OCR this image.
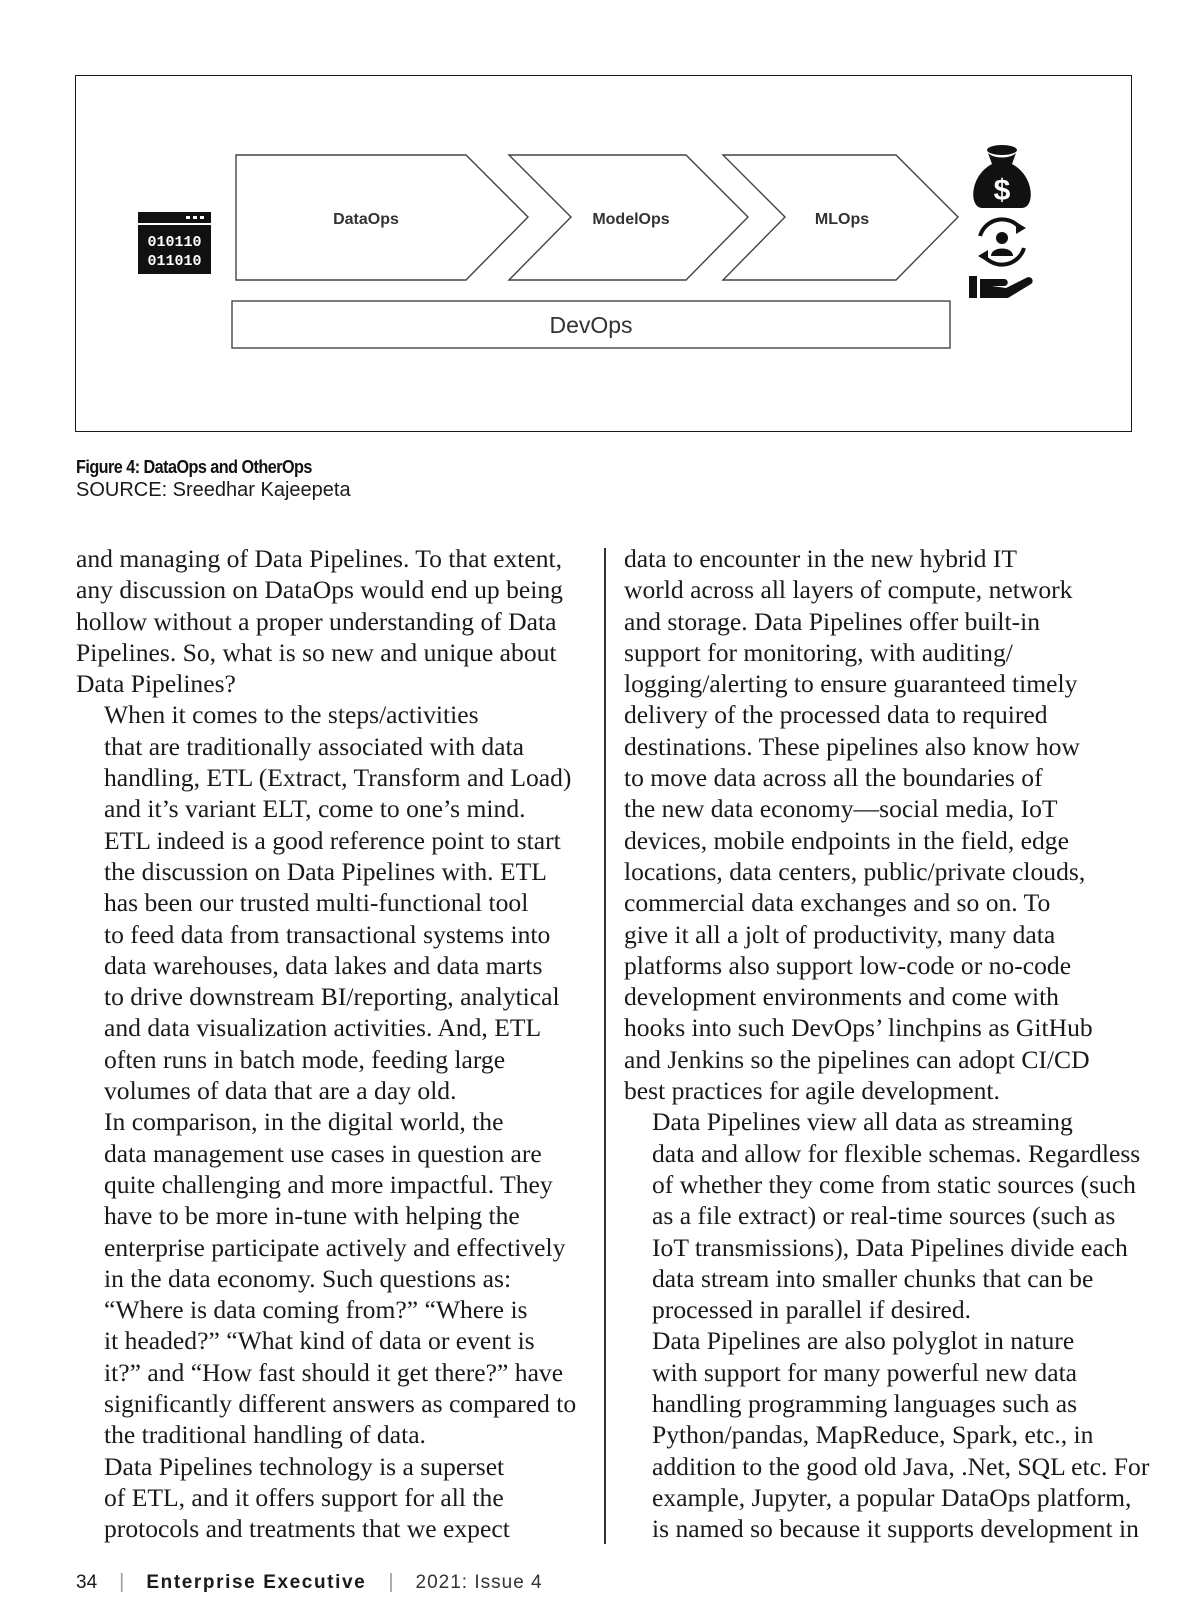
010110
011010
DataOps	ModelOps	MLOps
DevOps
$
Figure 4: DataOps and OtherOps
SOURCE: Sreedhar Kajeepeta

and managing of Data Pipelines. To that extent,
any discussion on DataOps would end up being
hollow without a proper understanding of Data
Pipelines. So, what is so new and unique about
Data Pipelines?

When it comes to the steps/activities
that are traditionally associated with data
handling, ETL (Extract, Transform and Load)
and it’s variant ELT, come to one’s mind.
ETL indeed is a good reference point to start
the discussion on Data Pipelines with. ETL
has been our trusted multi-functional tool
to feed data from transactional systems into
data warehouses, data lakes and data marts
to drive downstream BI/reporting, analytical
and data visualization activities. And, ETL
often runs in batch mode, feeding large
volumes of data that are a day old.

In comparison, in the digital world, the
data management use cases in question are
quite challenging and more impactful. They
have to be more in-tune with helping the
enterprise participate actively and effectively
in the data economy. Such questions as:
“Where is data coming from?” “Where is
it headed?” “What kind of data or event is
it?” and “How fast should it get there?” have
significantly different answers as compared to
the traditional handling of data.

Data Pipelines technology is a superset
of ETL, and it offers support for all the
protocols and treatments that we expect

data to encounter in the new hybrid IT
world across all layers of compute, network
and storage. Data Pipelines offer built-in
support for monitoring, with auditing/
logging/alerting to ensure guaranteed timely
delivery of the processed data to required
destinations. These pipelines also know how
to move data across all the boundaries of
the new data economy—social media, IoT
devices, mobile endpoints in the field, edge
locations, data centers, public/private clouds,
commercial data exchanges and so on. To
give it all a jolt of productivity, many data
platforms also support low-code or no-code
development environments and come with
hooks into such DevOps’ linchpins as GitHub
and Jenkins so the pipelines can adopt CI/CD
best practices for agile development.

Data Pipelines view all data as streaming
data and allow for flexible schemas. Regardless
of whether they come from static sources (such
as a file extract) or real-time sources (such as
IoT transmissions), Data Pipelines divide each
data stream into smaller chunks that can be
processed in parallel if desired.

Data Pipelines are also polyglot in nature
with support for many powerful new data
handling programming languages such as
Python/pandas, MapReduce, Spark, etc., in
addition to the good old Java, .Net, SQL etc. For
example, Jupyter, a popular DataOps platform,
is named so because it supports development in

34 | Enterprise Executive | 2021: Issue 4
